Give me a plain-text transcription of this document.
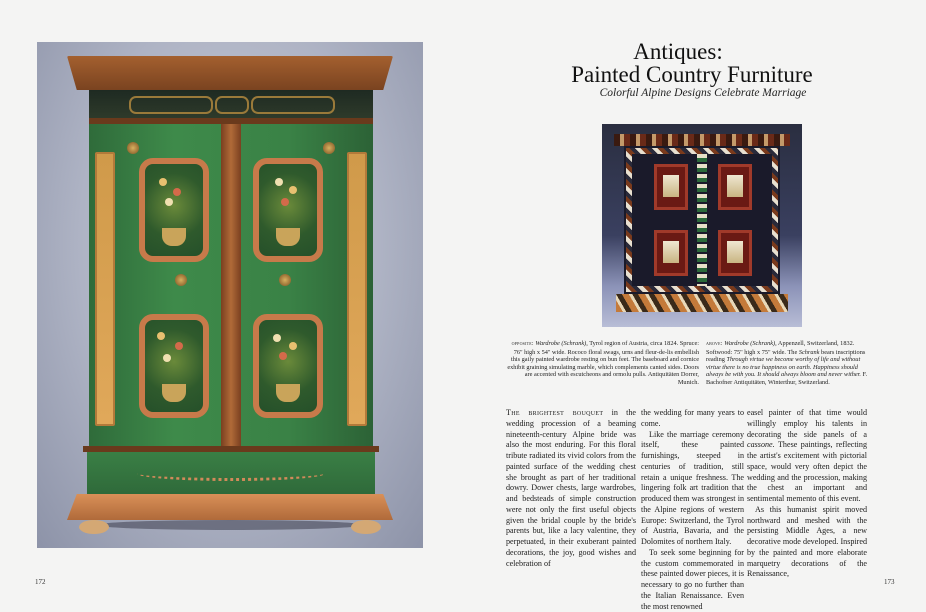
172
Antiques:
Painted Country Furniture
Colorful Alpine Designs Celebrate Marriage
opposite: Wardrobe (Schrank), Tyrol region of Austria, circa 1824. Spruce: 76" high x 54" wide. Rococo floral swags, urns and fleur-de-lis embellish this gaily painted wardrobe resting on bun feet. The baseboard and cornice exhibit graining simulating marble, which complements canted sides. Doors are accented with escutcheons and ormolu pulls. Antiquitäten Dorrer, Munich.
above: Wardrobe (Schrank), Appenzell, Switzerland, 1832. Softwood: 75" high x 75" wide. The Schrank bears inscriptions reading Through virtue we become worthy of life and without virtue there is no true happiness on earth. Happiness should always be with you. It should always bloom and never wither. F. Bachofner Antiquitäten, Winterthur, Switzerland.

The brightest bouquet in the wedding procession of a beaming nineteenth-century Alpine bride was also the most enduring. For this floral tribute radiated its vivid colors from the painted surface of the wedding chest she brought as part of her traditional dowry. Dower chests, large wardrobes, and bedsteads of simple construction were not only the first useful objects given the bridal couple by the bride's parents but, like a lacy valentine, they perpetuated, in their exuberant painted decorations, the joy, good wishes and celebration of

the wedding for many years to come.

Like the marriage ceremony itself, these painted furnishings, steeped in centuries of tradition, still retain a unique freshness. The lingering folk art tradition that produced them was strongest in the Alpine regions of western Europe: Switzerland, the Tyrol of Austria, Bavaria, and the Dolomites of northern Italy.

To seek some beginning for the custom commemorated in these painted dower pieces, it is necessary to go no further than the Italian Renaissance. Even the most renowned

easel painter of that time would willingly employ his talents in decorating the side panels of a cassone. These paintings, reflecting the artist's excitement with pictorial space, would very often depict the wedding and the procession, making the chest an important and sentimental memento of this event.

As this humanist spirit moved northward and meshed with the persisting Middle Ages, a new decorative mode developed. Inspired by the painted and more elaborate marquetry decorations of the Renaissance,

173
